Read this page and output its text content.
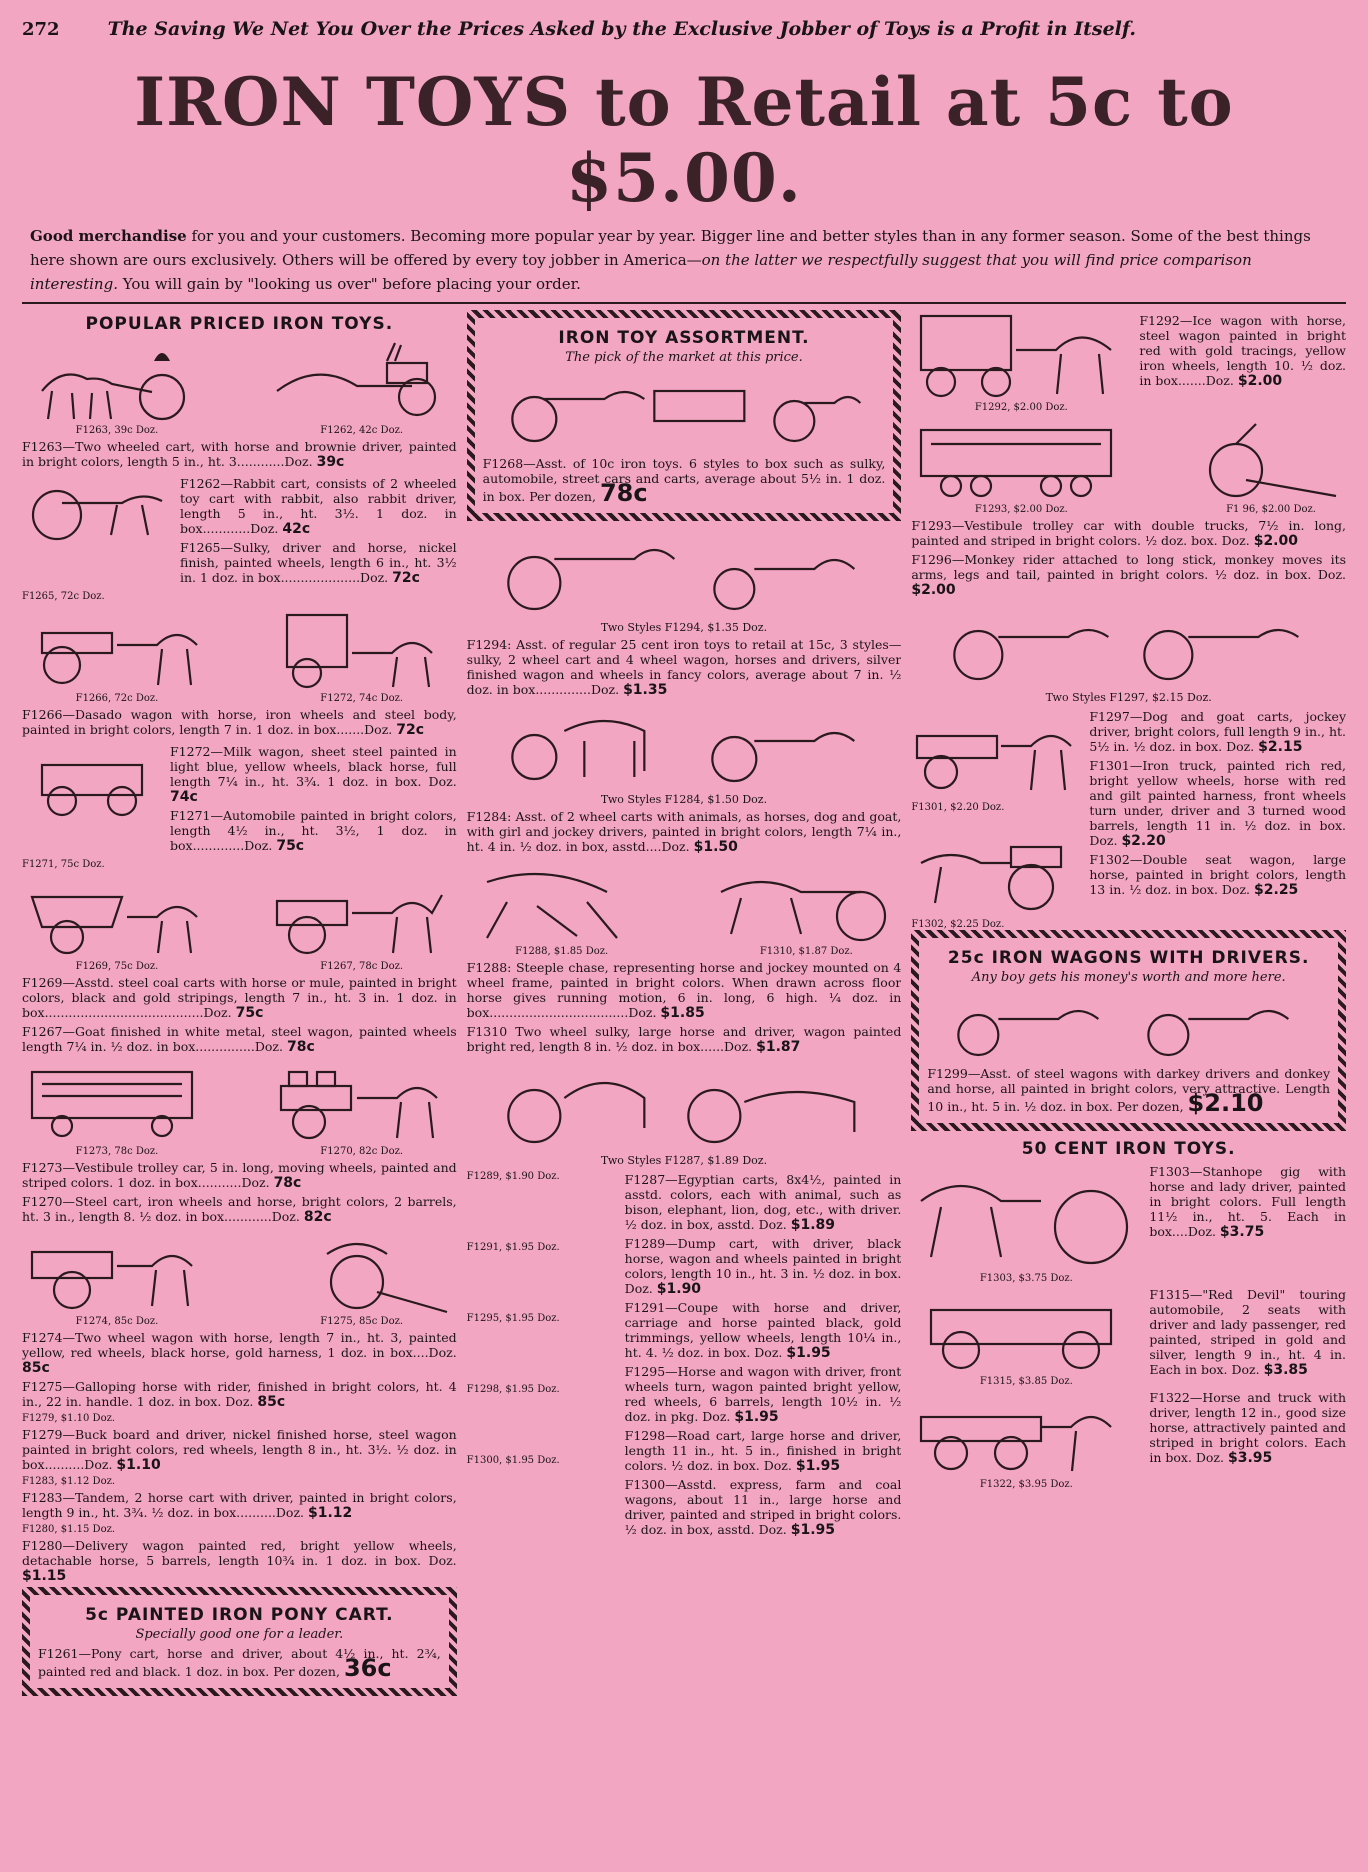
272	The Saving We Net You Over the Prices Asked by the Exclusive Jobber of Toys is a Profit in Itself.
IRON TOYS to Retail at 5c to $5.00.
Good merchandise for you and your customers. Becoming more popular year by year. Bigger line and better styles than in any former season. Some of the best things here shown are ours exclusively. Others will be offered by every toy jobber in America—on the latter we respectfully suggest that you will find price comparison interesting. You will gain by "looking us over" before placing your order.
POPULAR PRICED IRON TOYS.
F1263, 39c Doz.	F1262, 42c Doz.

F1263—Two wheeled cart, with horse and brownie driver, painted in bright colors, length 5 in., ht. 3............Doz. 39c

F1262—Rabbit cart, consists of 2 wheeled toy cart with rabbit, also rabbit driver, length 5 in., ht. 3½. 1 doz. in box............Doz. 42c

F1265—Sulky, driver and horse, nickel finish, painted wheels, length 6 in., ht. 3½ in. 1 doz. in box....................Doz. 72c

F1265, 72c Doz.
F1266, 72c Doz.	F1272, 74c Doz.

F1266—Dasado wagon with horse, iron wheels and steel body, painted in bright colors, length 7 in. 1 doz. in box.......Doz. 72c

F1272—Milk wagon, sheet steel painted in light blue, yellow wheels, black horse, full length 7¼ in., ht. 3¾. 1 doz. in box. Doz. 74c

F1271—Automobile painted in bright colors, length 4½ in., ht. 3½, 1 doz. in box.............Doz. 75c

F1271, 75c Doz.
F1269, 75c Doz.	F1267, 78c Doz.

F1269—Asstd. steel coal carts with horse or mule, painted in bright colors, black and gold stripings, length 7 in., ht. 3 in. 1 doz. in box........................................Doz. 75c

F1267—Goat finished in white metal, steel wagon, painted wheels length 7¼ in. ½ doz. in box...............Doz. 78c

F1273, 78c Doz.	F1270, 82c Doz.

F1273—Vestibule trolley car, 5 in. long, moving wheels, painted and striped colors. 1 doz. in box...........Doz. 78c

F1270—Steel cart, iron wheels and horse, bright colors, 2 barrels, ht. 3 in., length 8. ½ doz. in box............Doz. 82c

F1274, 85c Doz.	F1275, 85c Doz.

F1274—Two wheel wagon with horse, length 7 in., ht. 3, painted yellow, red wheels, black horse, gold harness, 1 doz. in box....Doz. 85c

F1275—Galloping horse with rider, finished in bright colors, ht. 4 in., 22 in. handle. 1 doz. in box. Doz. 85c

F1279, $1.10 Doz.

F1279—Buck board and driver, nickel finished horse, steel wagon painted in bright colors, red wheels, length 8 in., ht. 3½. ½ doz. in box..........Doz. $1.10

F1283, $1.12 Doz.

F1283—Tandem, 2 horse cart with driver, painted in bright colors, length 9 in., ht. 3¾. ½ doz. in box..........Doz. $1.12

F1280, $1.15 Doz.

F1280—Delivery wagon painted red, bright yellow wheels, detachable horse, 5 barrels, length 10¾ in. 1 doz. in box. Doz. $1.15

5c PAINTED IRON PONY CART.
Specially good one for a leader.

F1261—Pony cart, horse and driver, about 4½ in., ht. 2¾, painted red and black. 1 doz. in box. Per dozen, 36c

IRON TOY ASSORTMENT.
The pick of the market at this price.

F1268—Asst. of 10c iron toys. 6 styles to box such as sulky, automobile, street cars and carts, average about 5½ in. 1 doz. in box. Per dozen, 78c

Two Styles F1294, $1.35 Doz.

F1294: Asst. of regular 25 cent iron toys to retail at 15c, 3 styles—sulky, 2 wheel cart and 4 wheel wagon, horses and drivers, silver finished wagon and wheels in fancy colors, average about 7 in. ½ doz. in box..............Doz. $1.35

Two Styles F1284, $1.50 Doz.

F1284: Asst. of 2 wheel carts with animals, as horses, dog and goat, with girl and jockey drivers, painted in bright colors, length 7¼ in., ht. 4 in. ½ doz. in box, asstd....Doz. $1.50

F1288, $1.85 Doz.	F1310, $1.87 Doz.

F1288: Steeple chase, representing horse and jockey mounted on 4 wheel frame, painted in bright colors. When drawn across floor horse gives running motion, 6 in. long, 6 high. ¼ doz. in box...................................Doz. $1.85

F1310 Two wheel sulky, large horse and driver, wagon painted bright red, length 8 in. ½ doz. in box......Doz. $1.87

Two Styles F1287, $1.89 Doz.
F1289, $1.90 Doz.
F1291, $1.95 Doz.
F1295, $1.95 Doz.
F1298, $1.95 Doz.
F1300, $1.95 Doz.

F1287—Egyptian carts, 8x4½, painted in asstd. colors, each with animal, such as bison, elephant, lion, dog, etc., with driver. ½ doz. in box, asstd. Doz. $1.89

F1289—Dump cart, with driver, black horse, wagon and wheels painted in bright colors, length 10 in., ht. 3 in. ½ doz. in box. Doz. $1.90

F1291—Coupe with horse and driver, carriage and horse painted black, gold trimmings, yellow wheels, length 10¼ in., ht. 4. ½ doz. in box. Doz. $1.95

F1295—Horse and wagon with driver, front wheels turn, wagon painted bright yellow, red wheels, 6 barrels, length 10½ in. ½ doz. in pkg. Doz. $1.95

F1298—Road cart, large horse and driver, length 11 in., ht. 5 in., finished in bright colors. ½ doz. in box. Doz. $1.95

F1300—Asstd. express, farm and coal wagons, about 11 in., large horse and driver, painted and striped in bright colors. ½ doz. in box, asstd. Doz. $1.95

F1292, $2.00 Doz.

F1292—Ice wagon with horse, steel wagon painted in bright red with gold tracings, yellow iron wheels, length 10. ½ doz. in box.......Doz. $2.00

F1293, $2.00 Doz.	F1 96, $2.00 Doz.

F1293—Vestibule trolley car with double trucks, 7½ in. long, painted and striped in bright colors. ½ doz. box. Doz. $2.00

F1296—Monkey rider attached to long stick, monkey moves its arms, legs and tail, painted in bright colors. ½ doz. in box. Doz. $2.00

Two Styles F1297, $2.15 Doz.
F1301, $2.20 Doz.
F1302, $2.25 Doz.

F1297—Dog and goat carts, jockey driver, bright colors, full length 9 in., ht. 5½ in. ½ doz. in box. Doz. $2.15

F1301—Iron truck, painted rich red, bright yellow wheels, horse with red and gilt painted harness, front wheels turn under, driver and 3 turned wood barrels, length 11 in. ½ doz. in box. Doz. $2.20

F1302—Double seat wagon, large horse, painted in bright colors, length 13 in. ½ doz. in box. Doz. $2.25

25c IRON WAGONS WITH DRIVERS.
Any boy gets his money's worth and more here.

F1299—Asst. of steel wagons with darkey drivers and donkey and horse, all painted in bright colors, very attractive. Length 10 in., ht. 5 in. ½ doz. in box. Per dozen, $2.10

50 CENT IRON TOYS.
F1303, $3.75 Doz.

F1303—Stanhope gig with horse and lady driver, painted in bright colors. Full length 11½ in., ht. 5. Each in box....Doz. $3.75

F1315, $3.85 Doz.

F1315—"Red Devil" touring automobile, 2 seats with driver and lady passenger, red painted, striped in gold and silver, length 9 in., ht. 4 in. Each in box. Doz. $3.85

F1322, $3.95 Doz.

F1322—Horse and truck with driver, length 12 in., good size horse, attractively painted and striped in bright colors. Each in box. Doz. $3.95
